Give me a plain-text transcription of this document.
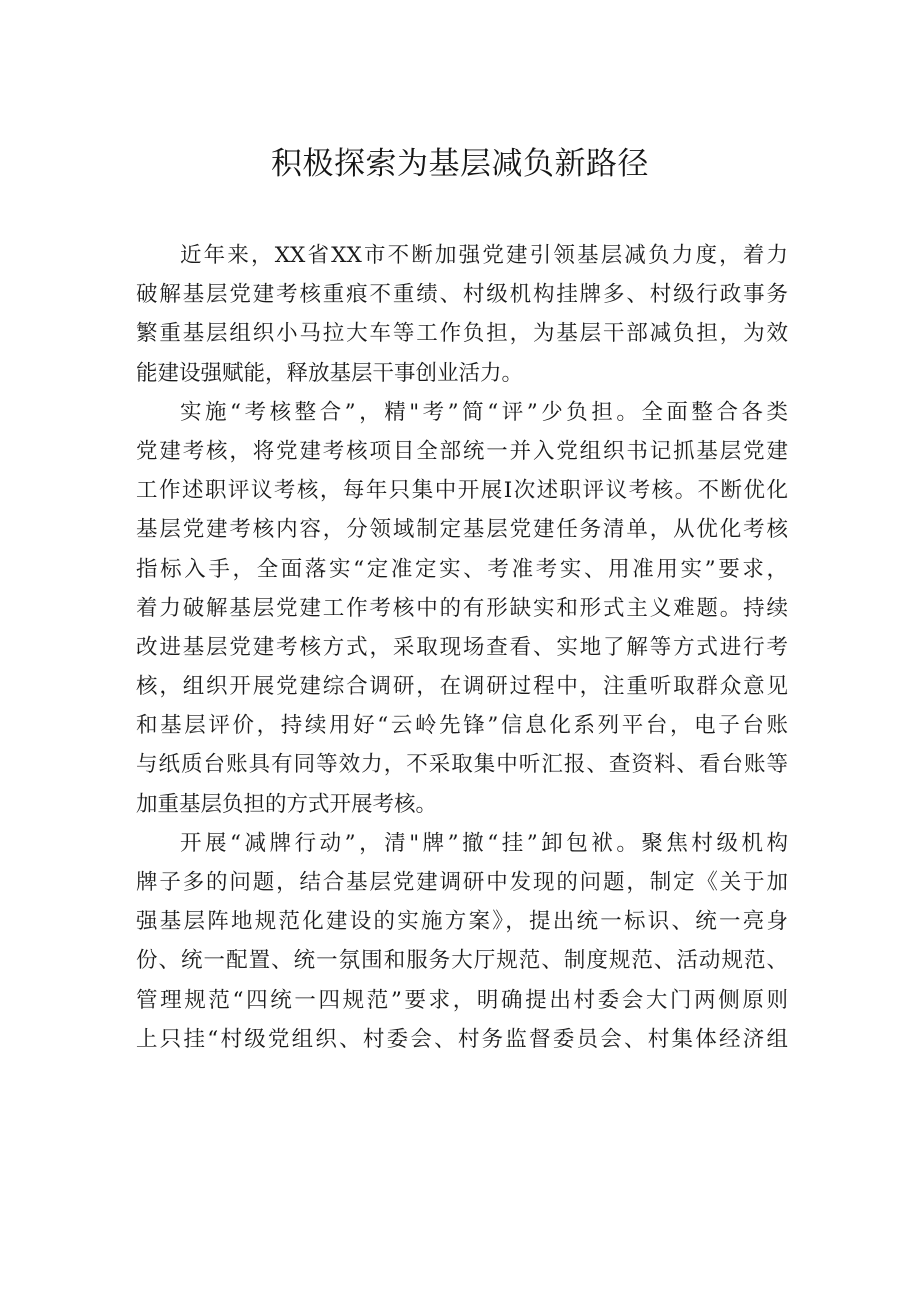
积极探索为基层减负新路径
近年来，XX省XX市不断加强党建引领基层减负力度，着力
破解基层党建考核重痕不重绩、村级机构挂牌多、村级行政事务
繁重基层组织小马拉大车等工作负担，为基层干部减负担，为效
能建设强赋能，释放基层干事创业活力。
实施“考核整合”，精"考”简“评”少负担。全面整合各类
党建考核，将党建考核项目全部统一并入党组织书记抓基层党建
工作述职评议考核，每年只集中开展I次述职评议考核。不断优化
基层党建考核内容，分领域制定基层党建任务清单，从优化考核
指标入手，全面落实“定准定实、考准考实、用准用实”要求，
着力破解基层党建工作考核中的有形缺实和形式主义难题。持续
改进基层党建考核方式，采取现场查看、实地了解等方式进行考
核，组织开展党建综合调研，在调研过程中，注重听取群众意见
和基层评价，持续用好“云岭先锋”信息化系列平台，电子台账
与纸质台账具有同等效力，不采取集中听汇报、查资料、看台账等
加重基层负担的方式开展考核。
开展“减牌行动”，清"牌”撤“挂”卸包袱。聚焦村级机构
牌子多的问题，结合基层党建调研中发现的问题，制定《关于加
强基层阵地规范化建设的实施方案》，提出统一标识、统一亮身
份、统一配置、统一氛围和服务大厅规范、制度规范、活动规范、
管理规范“四统一四规范”要求，明确提出村委会大门两侧原则
上只挂“村级党组织、村委会、村务监督委员会、村集体经济组
